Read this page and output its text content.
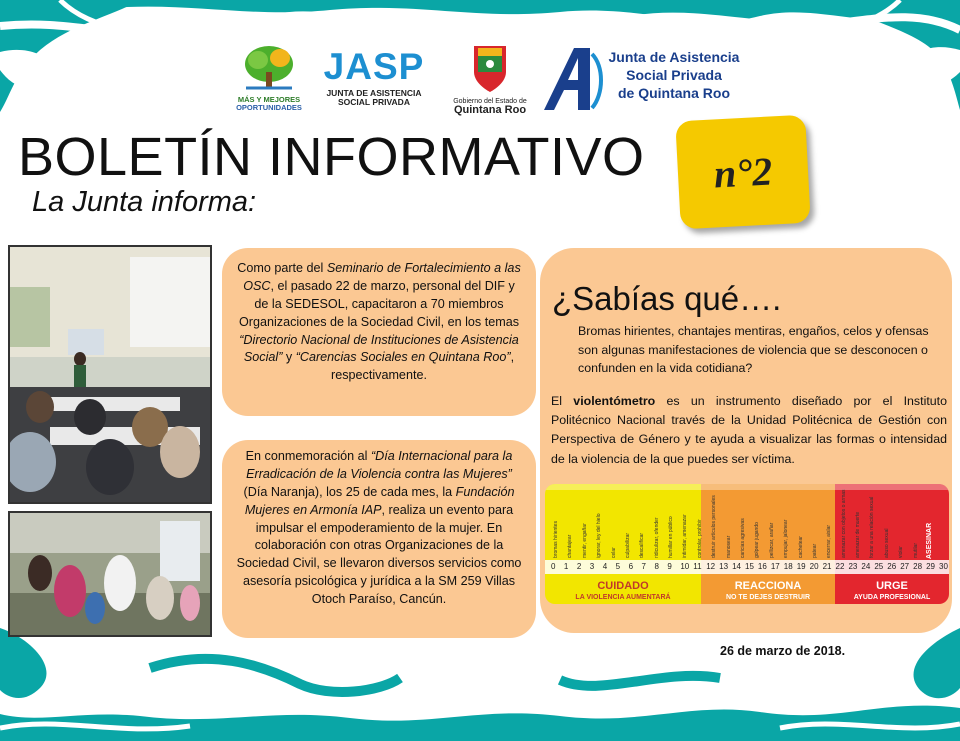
MÁS Y MEJORES
OPORTUNIDADES
JASP
JUNTA DE ASISTENCIA
SOCIAL PRIVADA	Gobierno del Estado de
Quintana Roo
Junta de Asistencia
Social Privada
de Quintana Roo
BOLETÍN INFORMATIVO
La Junta informa:
n°2
Como parte del Seminario de Fortalecimiento a las OSC, el pasado 22 de marzo, personal del DIF y de la SEDESOL, capacitaron a 70 miembros Organizaciones de la Sociedad Civil, en los temas “Directorio Nacional de Instituciones de Asistencia Social” y “Carencias Sociales en Quintana Roo”, respectivamente.
En conmemoración al “Día Internacional para la Erradicación de la Violencia contra las Mujeres” (Día Naranja), los 25 de cada mes, la Fundación Mujeres en Armonía IAP, realiza un evento para impulsar el empoderamiento de la mujer. En colaboración con otras Organizaciones de la Sociedad Civil, se llevaron diversos servicios como asesoría psicológica y jurídica a la SM 259 Villas Otoch Paraíso, Cancún.
¿Sabías qué….
Bromas hirientes, chantajes mentiras, engaños, celos y ofensas son algunas manifestaciones de violencia que se desconocen o confunden en la vida cotidiana?
El violentómetro es un instrumento diseñado por el Instituto Politécnico Nacional través de la Unidad Politécnica de Gestión con Perspectiva de Género y te ayuda a visualizar las formas o intensidad de la violencia de la que puedes ser víctima.
CUIDADO
LA VIOLENCIA AUMENTARÁ
REACCIONA
NO TE DEJES DESTRUIR
URGE
AYUDA PROFESIONAL
0 1 2 3 4 5 6 7 8 9 10 11 12 13 14 15 16 17 18 19 20 21 22 23 24 25 26 27 28 29 30
bromas hirientes chantajear mentir, engañar ignorar, ley del hielo celar culpabilizar descalificar ridiculizar, ofender humillar en público intimidar, amenazar controlar, prohibir destruir artículos personales manosear caricias agresivas golpear jugando pellizcar, arañar empujar, jalonear cachetear patear encerrar, aislar amenazar con objetos o armas amenazar de muerte forzar a una relación sexual abuso sexual violar mutilar ASESINAR
26 de marzo de 2018.
